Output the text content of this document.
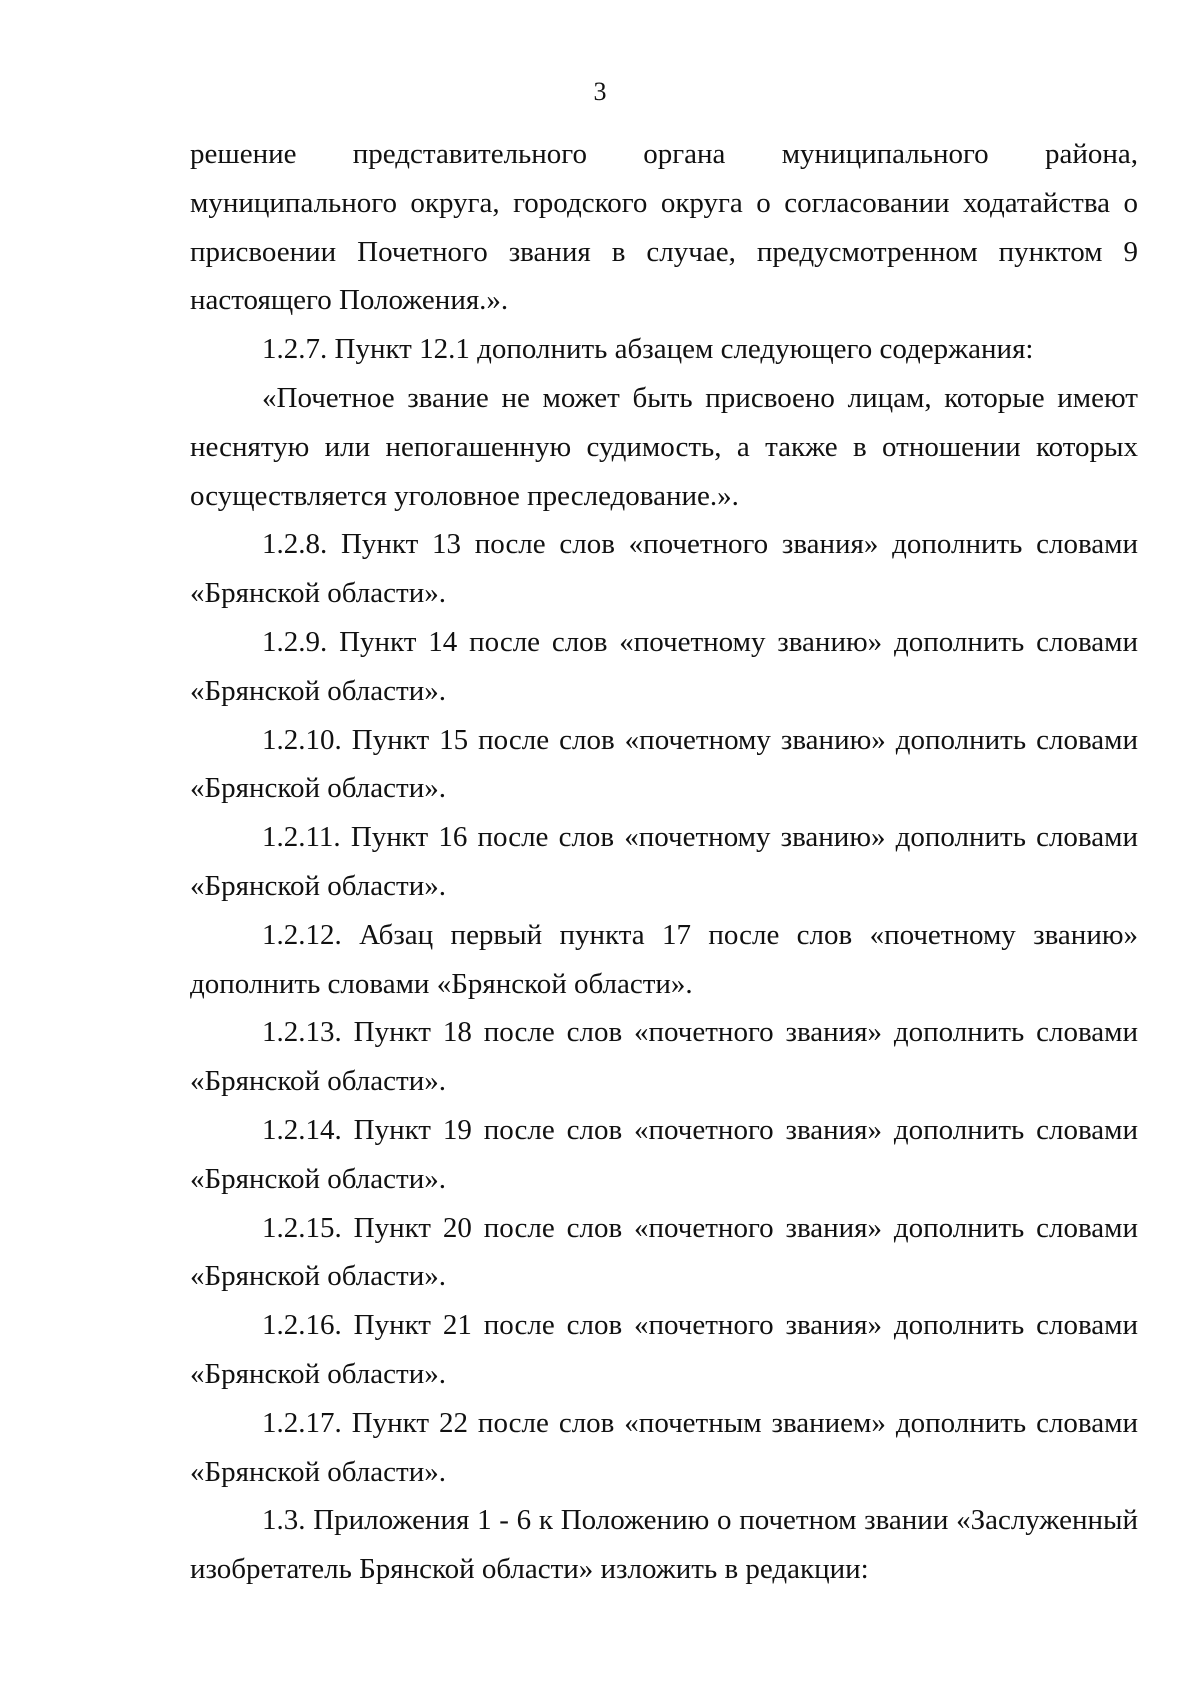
3

решение представительного органа муниципального района, муниципального округа, городского округа о согласовании ходатайства о присвоении Почетного звания в случае, предусмотренном пунктом 9 настоящего Положения.».

1.2.7. Пункт 12.1 дополнить абзацем следующего содержания:

«Почетное звание не может быть присвоено лицам, которые имеют неснятую или непогашенную судимость, а также в отношении которых осуществляется уголовное преследование.».

1.2.8. Пункт 13 после слов «почетного звания» дополнить словами «Брянской области».

1.2.9. Пункт 14 после слов «почетному званию» дополнить словами «Брянской области».

1.2.10. Пункт 15 после слов «почетному званию» дополнить словами «Брянской области».

1.2.11. Пункт 16 после слов «почетному званию» дополнить словами «Брянской области».

1.2.12. Абзац первый пункта 17 после слов «почетному званию» дополнить словами «Брянской области».

1.2.13. Пункт 18 после слов «почетного звания» дополнить словами «Брянской области».

1.2.14. Пункт 19 после слов «почетного звания» дополнить словами «Брянской области».

1.2.15. Пункт 20 после слов «почетного звания» дополнить словами «Брянской области».

1.2.16. Пункт 21 после слов «почетного звания» дополнить словами «Брянской области».

1.2.17. Пункт 22 после слов «почетным званием» дополнить словами «Брянской области».

1.3. Приложения 1 - 6 к Положению о почетном звании «Заслуженный изобретатель Брянской области» изложить в редакции:
